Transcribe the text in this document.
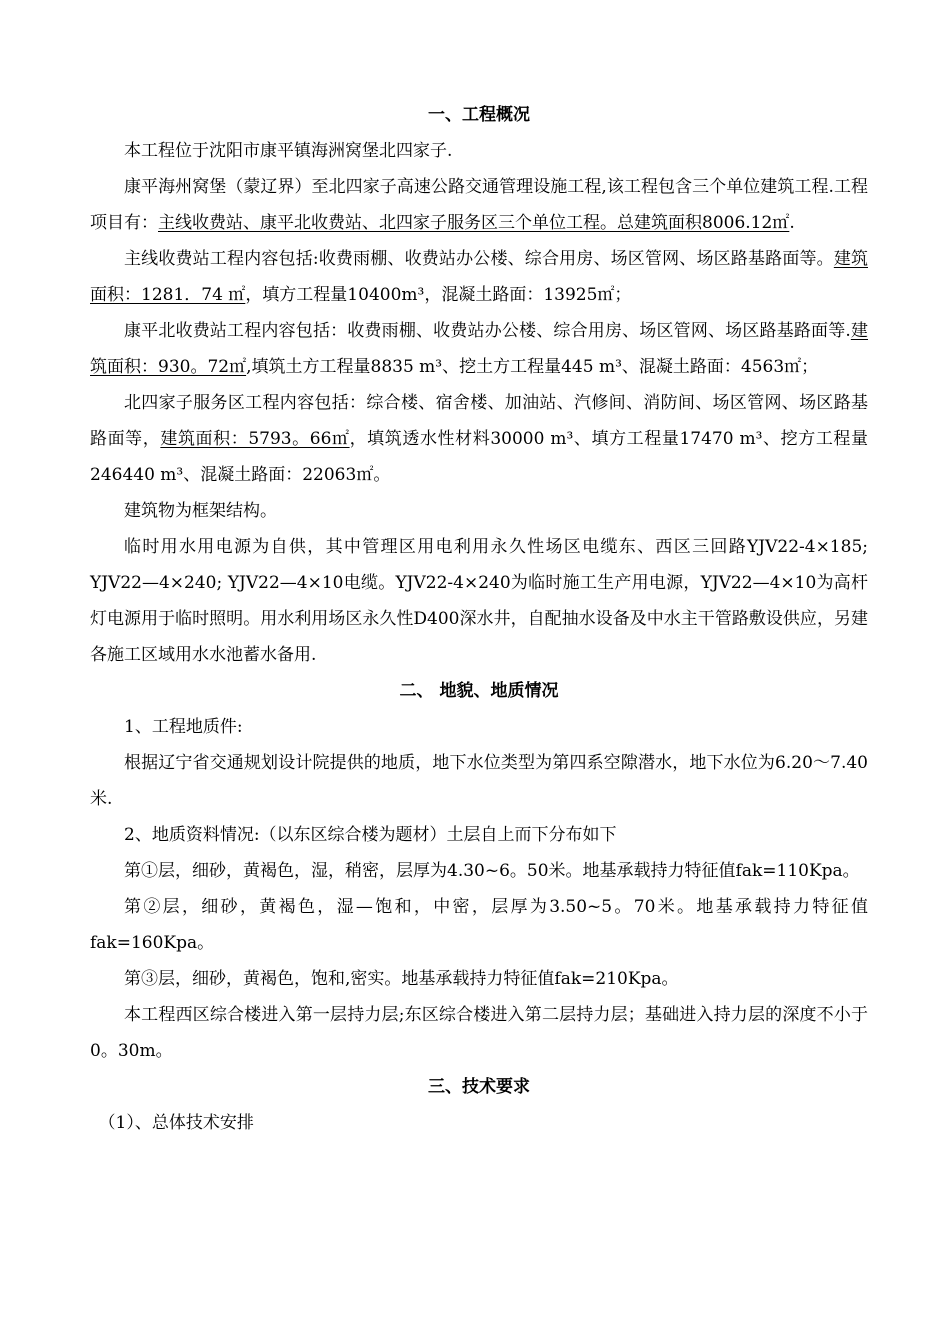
一、工程概况
本工程位于沈阳市康平镇海洲窝堡北四家子.
康平海州窝堡（蒙辽界）至北四家子高速公路交通管理设施工程,该工程包含三个单位建筑工程.工程项目有：主线收费站、康平北收费站、北四家子服务区三个单位工程。总建筑面积8006.12㎡.
主线收费站工程内容包括:收费雨棚、收费站办公楼、综合用房、场区管网、场区路基路面等。建筑面积：1281．74 ㎡，填方工程量10400m³，混凝土路面：13925㎡；
康平北收费站工程内容包括：收费雨棚、收费站办公楼、综合用房、场区管网、场区路基路面等.建筑面积：930。72㎡,填筑土方工程量8835 m³、挖土方工程量445 m³、混凝土路面：4563㎡；
北四家子服务区工程内容包括：综合楼、宿舍楼、加油站、汽修间、消防间、场区管网、场区路基路面等，建筑面积：5793。66㎡，填筑透水性材料30000 m³、填方工程量17470 m³、挖方工程量246440 m³、混凝土路面：22063㎡。
建筑物为框架结构。
临时用水用电源为自供，其中管理区用电利用永久性场区电缆东、西区三回路YJV22-4×185; YJV22—4×240; YJV22—4×10电缆。YJV22-4×240为临时施工生产用电源，YJV22—4×10为高杆灯电源用于临时照明。用水利用场区永久性D400深水井，自配抽水设备及中水主干管路敷设供应，另建各施工区域用水水池蓄水备用.
二、 地貌、地质情况
1、工程地质件:
根据辽宁省交通规划设计院提供的地质，地下水位类型为第四系空隙潜水，地下水位为6.20～7.40米.
2、地质资料情况:（以东区综合楼为题材）土层自上而下分布如下
第①层，细砂，黄褐色，湿，稍密，层厚为4.30~6。50米。地基承载持力特征值fak=110Kpa。
第②层，细砂，黄褐色，湿—饱和，中密，层厚为3.50~5。70米。地基承载持力特征值fak=160Kpa。
第③层，细砂，黄褐色，饱和,密实。地基承载持力特征值fak=210Kpa。
本工程西区综合楼进入第一层持力层;东区综合楼进入第二层持力层；基础进入持力层的深度不小于0。30m。
三、技术要求
（1）、总体技术安排
